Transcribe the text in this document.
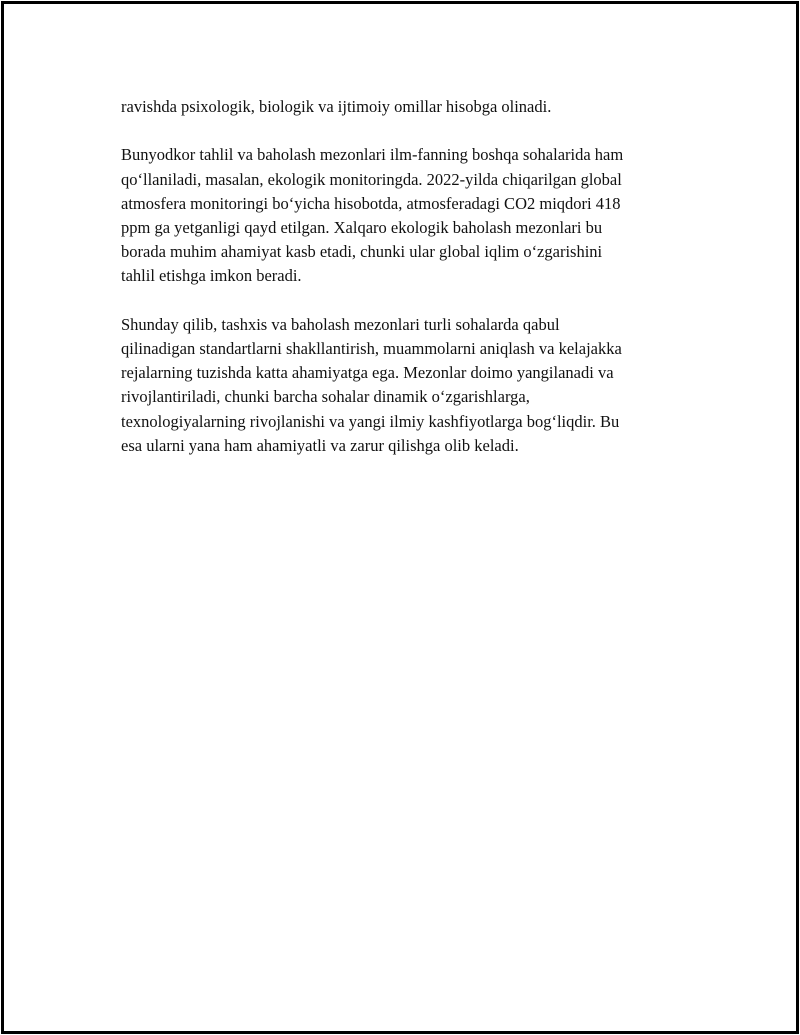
ravishda psixologik, biologik va ijtimoiy omillar hisobga olinadi.

Bunyodkor tahlil va baholash mezonlari ilm-fanning boshqa sohalarida ham
qo‘llaniladi, masalan, ekologik monitoringda. 2022-yilda chiqarilgan global
atmosfera monitoringi bo‘yicha hisobotda, atmosferadagi CO2 miqdori 418
ppm ga yetganligi qayd etilgan. Xalqaro ekologik baholash mezonlari bu
borada muhim ahamiyat kasb etadi, chunki ular global iqlim o‘zgarishini
tahlil etishga imkon beradi.

Shunday qilib, tashxis va baholash mezonlari turli sohalarda qabul
qilinadigan standartlarni shakllantirish, muammolarni aniqlash va kelajakka
rejalarning tuzishda katta ahamiyatga ega. Mezonlar doimo yangilanadi va
rivojlantiriladi, chunki barcha sohalar dinamik o‘zgarishlarga,
texnologiyalarning rivojlanishi va yangi ilmiy kashfiyotlarga bog‘liqdir. Bu
esa ularni yana ham ahamiyatli va zarur qilishga olib keladi.
